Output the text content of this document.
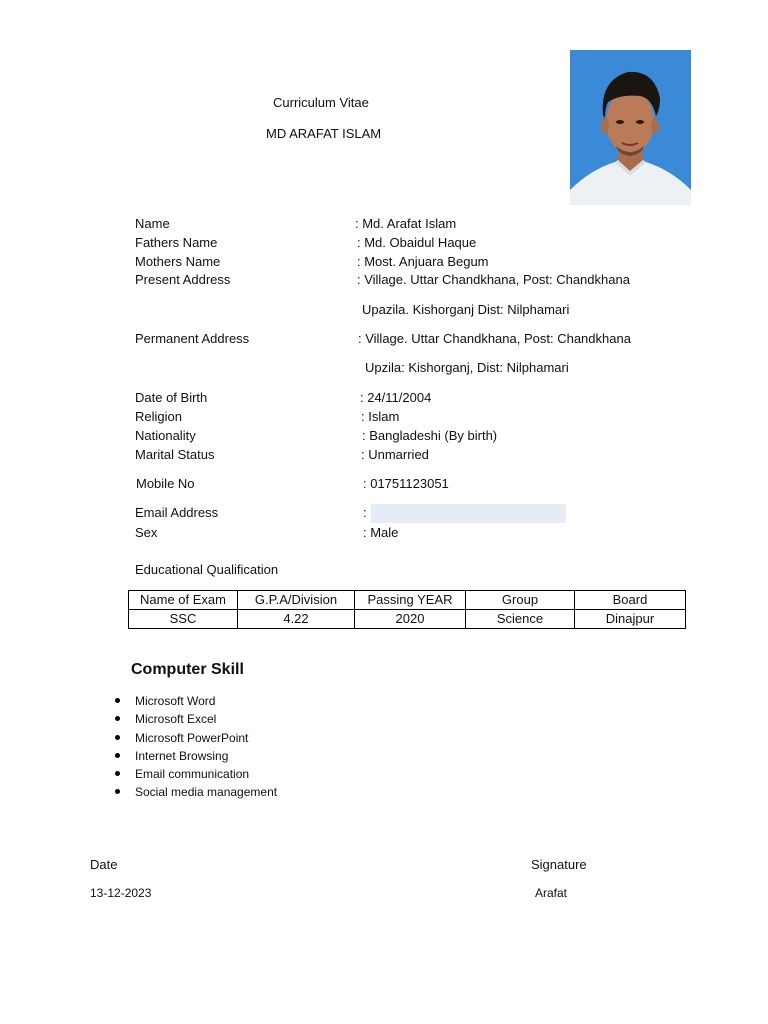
Curriculum Vitae
MD ARAFAT ISLAM
Name	: Md. Arafat Islam
Fathers Name	: Md. Obaidul Haque
Mothers Name	: Most. Anjuara Begum
Present Address	: Village. Uttar Chandkhana, Post: Chandkhana
Upazila. Kishorganj Dist: Nilphamari
Permanent Address	: Village. Uttar Chandkhana, Post: Chandkhana
Upzila: Kishorganj, Dist: Nilphamari
Date of Birth	: 24/11/2004
Religion	: Islam
Nationality	: Bangladeshi (By birth)
Marital Status	: Unmarried
Mobile No	: 01751123051
Email Address	:
Sex	: Male
Educational Qualification
Name of Exam	G.P.A/Division	Passing YEAR	Group	Board
SSC	4.22	2020	Science	Dinajpur
Computer Skill
Microsoft Word
Microsoft Excel
Microsoft PowerPoint
Internet Browsing
Email communication
Social media management
Date
13-12-2023
Signature
Arafat
